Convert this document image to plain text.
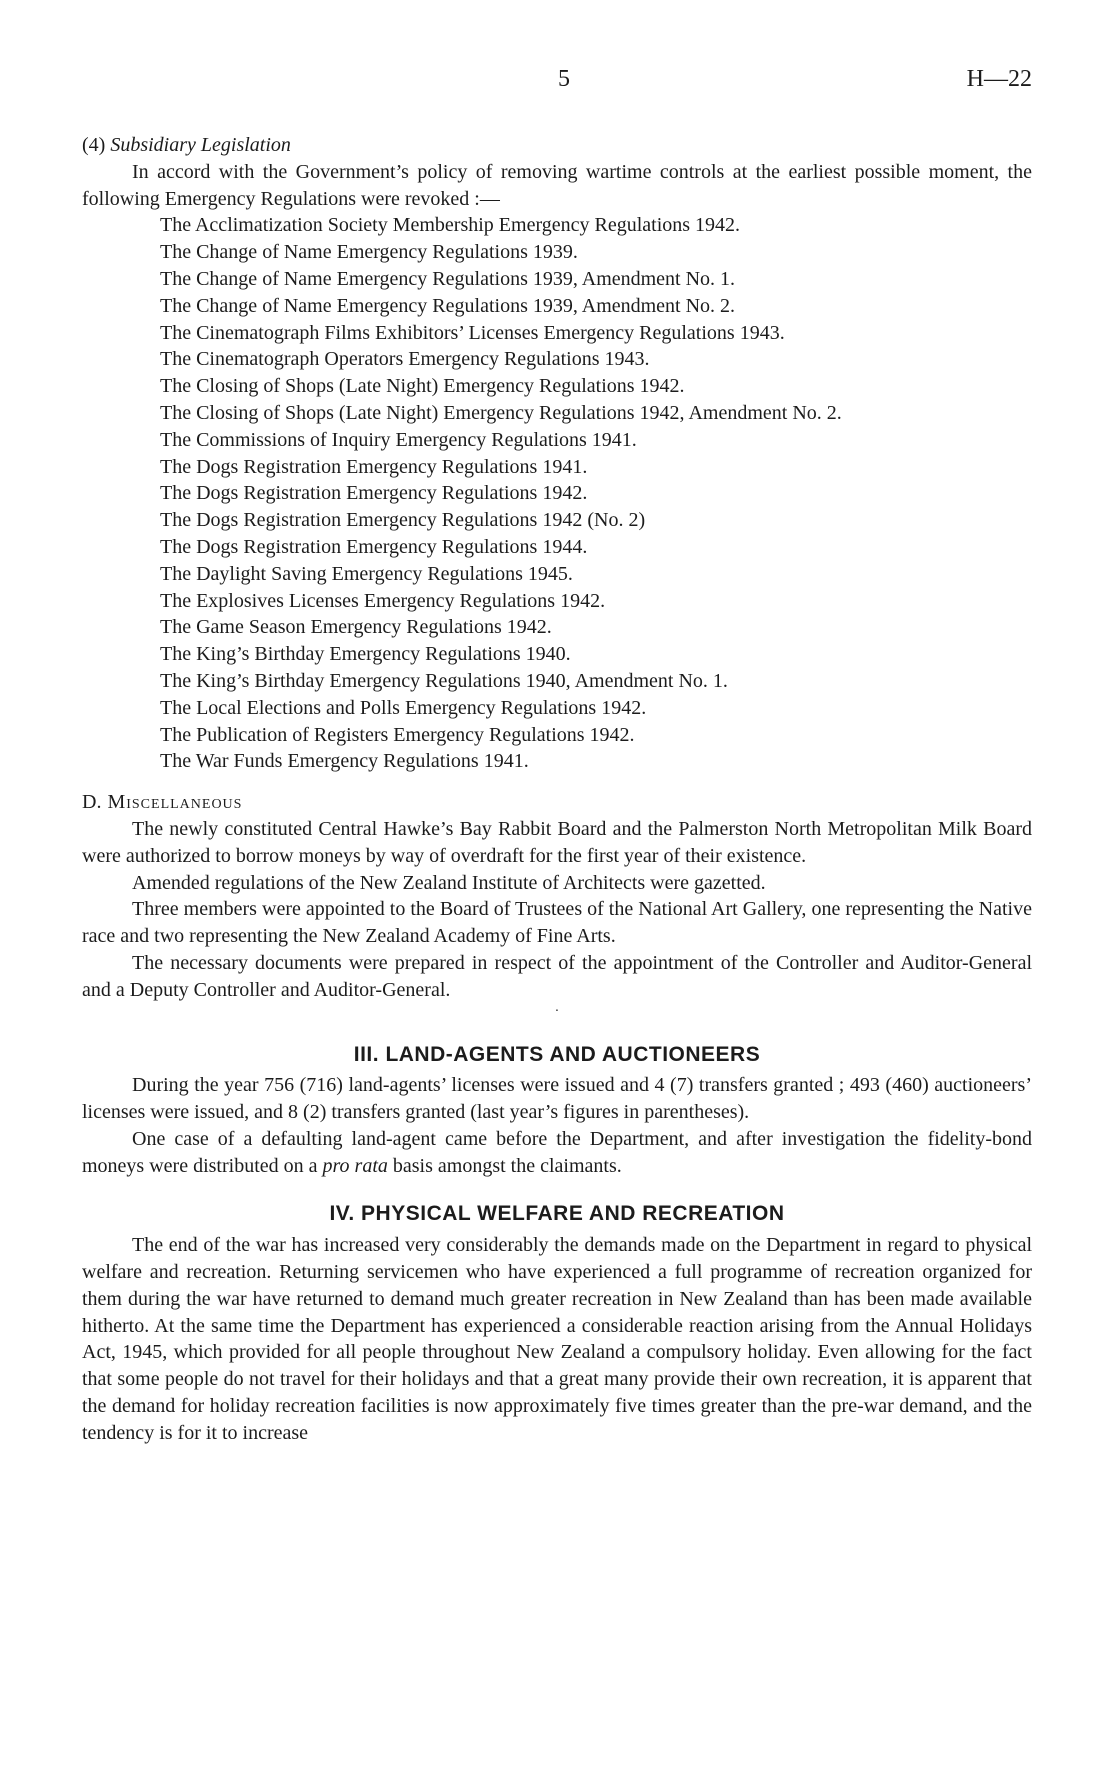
5	H—22
(4) Subsidiary Legislation

In accord with the Government’s policy of removing wartime controls at the earliest possible moment, the following Emergency Regulations were revoked :—

The Acclimatization Society Membership Emergency Regulations 1942.
The Change of Name Emergency Regulations 1939.
The Change of Name Emergency Regulations 1939, Amendment No. 1.
The Change of Name Emergency Regulations 1939, Amendment No. 2.
The Cinematograph Films Exhibitors’ Licenses Emergency Regulations 1943.
The Cinematograph Operators Emergency Regulations 1943.
The Closing of Shops (Late Night) Emergency Regulations 1942.
The Closing of Shops (Late Night) Emergency Regulations 1942, Amendment No. 2.
The Commissions of Inquiry Emergency Regulations 1941.
The Dogs Registration Emergency Regulations 1941.
The Dogs Registration Emergency Regulations 1942.
The Dogs Registration Emergency Regulations 1942 (No. 2)
The Dogs Registration Emergency Regulations 1944.
The Daylight Saving Emergency Regulations 1945.
The Explosives Licenses Emergency Regulations 1942.
The Game Season Emergency Regulations 1942.
The King’s Birthday Emergency Regulations 1940.
The King’s Birthday Emergency Regulations 1940, Amendment No. 1.
The Local Elections and Polls Emergency Regulations 1942.
The Publication of Registers Emergency Regulations 1942.
The War Funds Emergency Regulations 1941.
D. Miscellaneous

The newly constituted Central Hawke’s Bay Rabbit Board and the Palmerston North Metropolitan Milk Board were authorized to borrow moneys by way of overdraft for the first year of their existence.

Amended regulations of the New Zealand Institute of Architects were gazetted.

Three members were appointed to the Board of Trustees of the National Art Gallery, one representing the Native race and two representing the New Zealand Academy of Fine Arts.

The necessary documents were prepared in respect of the appointment of the Controller and Auditor-General and a Deputy Controller and Auditor-General.

·
III. LAND-AGENTS AND AUCTIONEERS

During the year 756 (716) land-agents’ licenses were issued and 4 (7) transfers granted ; 493 (460) auctioneers’ licenses were issued, and 8 (2) transfers granted (last year’s figures in parentheses).

One case of a defaulting land-agent came before the Department, and after investigation the fidelity-bond moneys were distributed on a pro rata basis amongst the claimants.

IV. PHYSICAL WELFARE AND RECREATION

The end of the war has increased very considerably the demands made on the Department in regard to physical welfare and recreation. Returning servicemen who have experienced a full programme of recreation organized for them during the war have returned to demand much greater recreation in New Zealand than has been made available hitherto. At the same time the Department has experienced a considerable reaction arising from the Annual Holidays Act, 1945, which provided for all people throughout New Zealand a compulsory holiday. Even allowing for the fact that some people do not travel for their holidays and that a great many provide their own recreation, it is apparent that the demand for holiday recreation facilities is now approximately five times greater than the pre-war demand, and the tendency is for it to increase
